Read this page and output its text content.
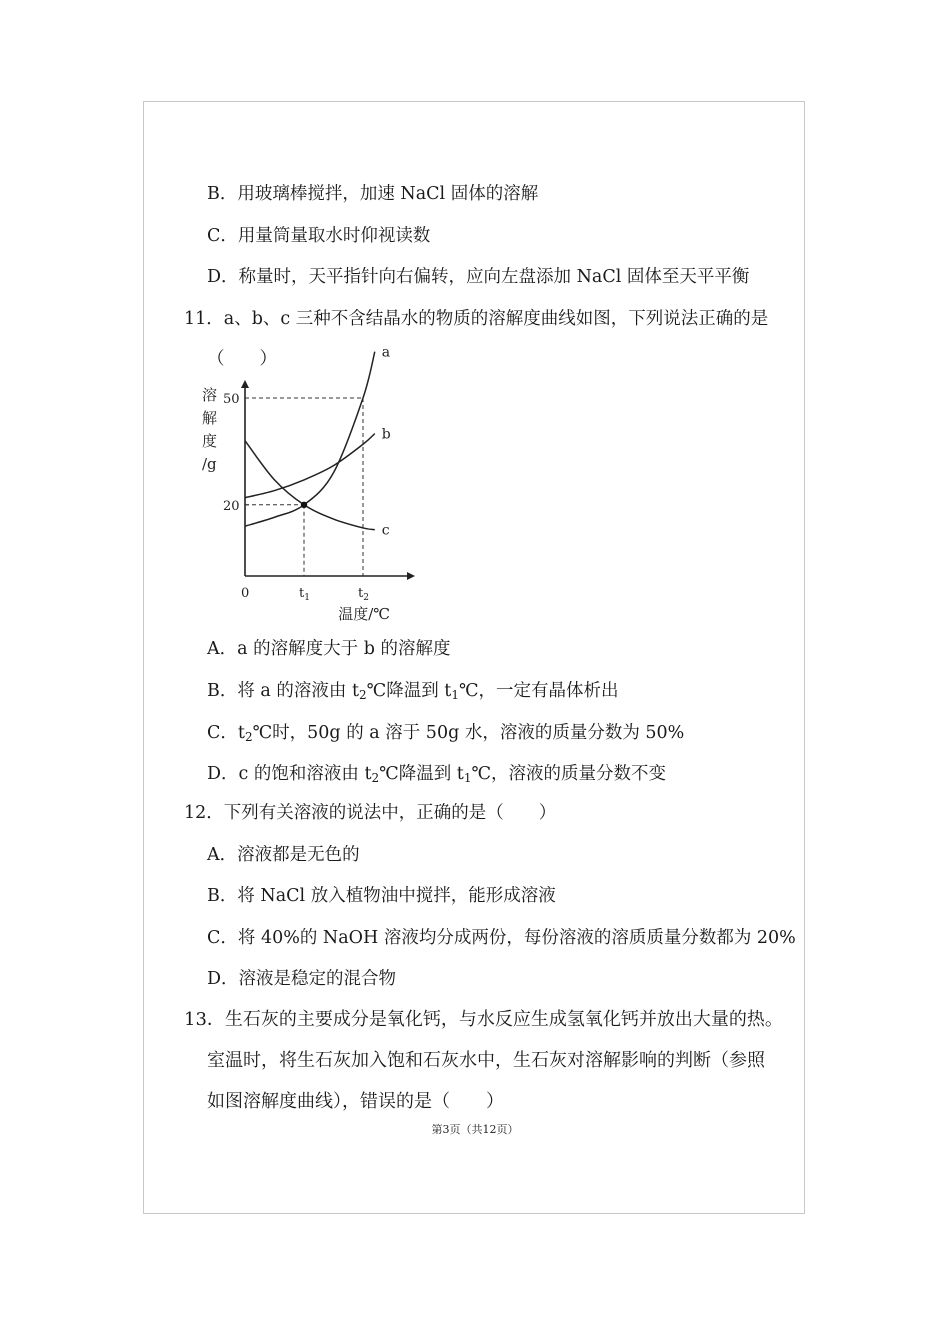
B．用玻璃棒搅拌，加速 NaCl 固体的溶解
C．用量筒量取水时仰视读数
D．称量时，天平指针向右偏转，应向左盘添加 NaCl 固体至天平平衡
11．a、b、c 三种不含结晶水的物质的溶解度曲线如图，下列说法正确的是
（　　）
溶
解
度
/g
20
50
0	$t_1$	$t_2$
温度/℃
a
b
c
A．a 的溶解度大于 b 的溶解度
B．将 a 的溶液由 $t_2℃$降温到 $t_1℃$，一定有晶体析出
C．$t_2℃$时，50g 的 a 溶于 50g 水，溶液的质量分数为 50%
D．c 的饱和溶液由 $t_2℃$降温到 $t_1℃$，溶液的质量分数不变
12．下列有关溶液的说法中，正确的是（　　）
A．溶液都是无色的
B．将 NaCl 放入植物油中搅拌，能形成溶液
C．将 40%的 NaOH 溶液均分成两份，每份溶液的溶质质量分数都为 20%
D．溶液是稳定的混合物
13．生石灰的主要成分是氧化钙，与水反应生成氢氧化钙并放出大量的热。
室温时，将生石灰加入饱和石灰水中，生石灰对溶解影响的判断（参照
如图溶解度曲线），错误的是（　　）
第3页（共12页）
